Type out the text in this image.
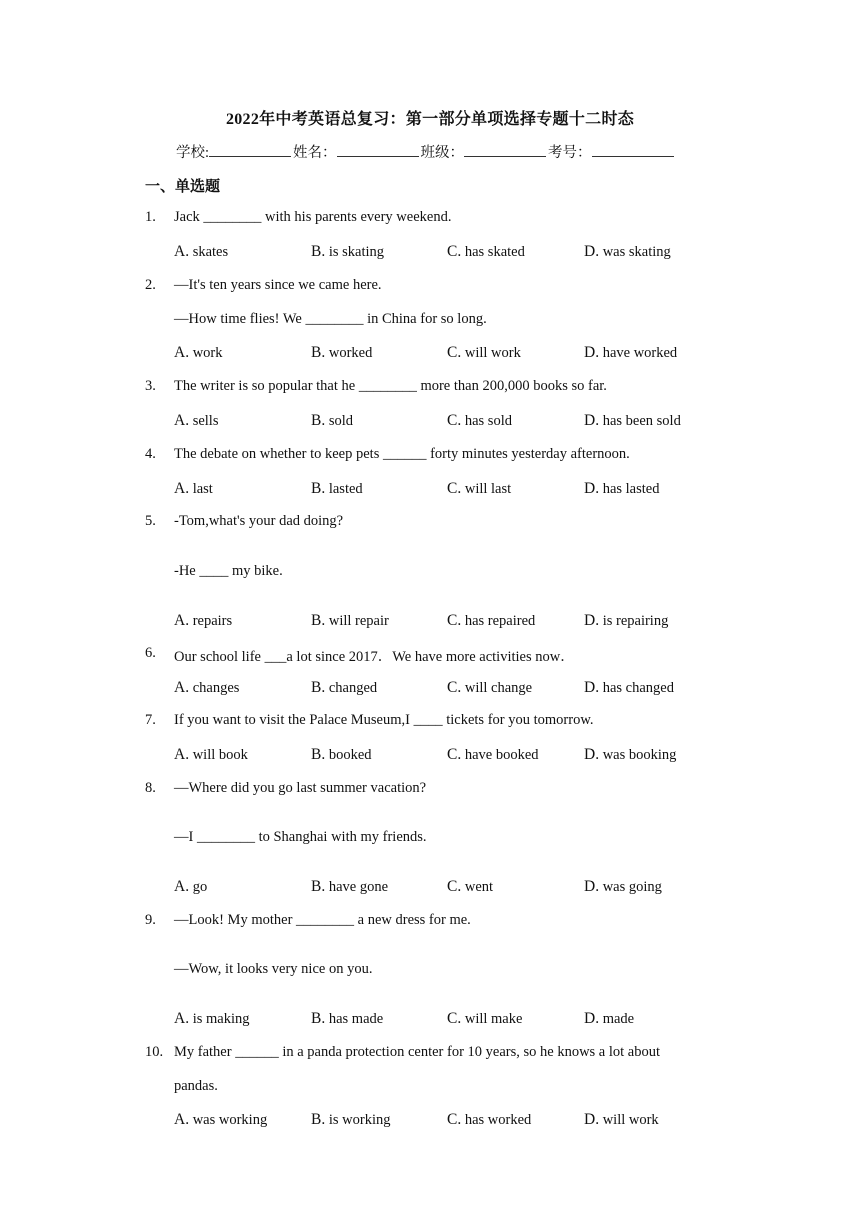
2022年中考英语总复习：第一部分单项选择专题十二时态
学校:	姓名：	班级：	考号：
一、单选题
1.	Jack ________ with his parents every weekend.
A. skates	B. is skating	C. has skated	D. was skating
2.	—It's ten years since we came here.
—How time flies! We ________ in China for so long.
A. work	B. worked	C. will work	D. have worked
3.	The writer is so popular that he ________ more than 200,000 books so far.
A. sells	B. sold	C. has sold	D. has been sold
4.	The debate on whether to keep pets ______ forty minutes yesterday afternoon.
A. last	B. lasted	C. will last	D. has lasted
5.	-Tom,what's your dad doing?
-He ____ my bike.
A. repairs	B. will repair	C. has repaired	D. is repairing
6.	Our school life ___a lot since 2017．We have more activities now．
A. changes	B. changed	C. will change	D. has changed
7.	If you want to visit the Palace Museum,I ____ tickets for you tomorrow.
A. will book	B. booked	C. have booked	D. was booking
8.	—Where did you go last summer vacation?
—I ________ to Shanghai with my friends.
A. go	B. have gone	C. went	D. was going
9.	—Look! My mother ________ a new dress for me.
—Wow, it looks very nice on you.
A. is making	B. has made	C. will make	D. made
10. My father ______ in a panda protection center for 10 years, so he knows a lot about
pandas.
A. was working	B. is working	C. has worked	D. will work
